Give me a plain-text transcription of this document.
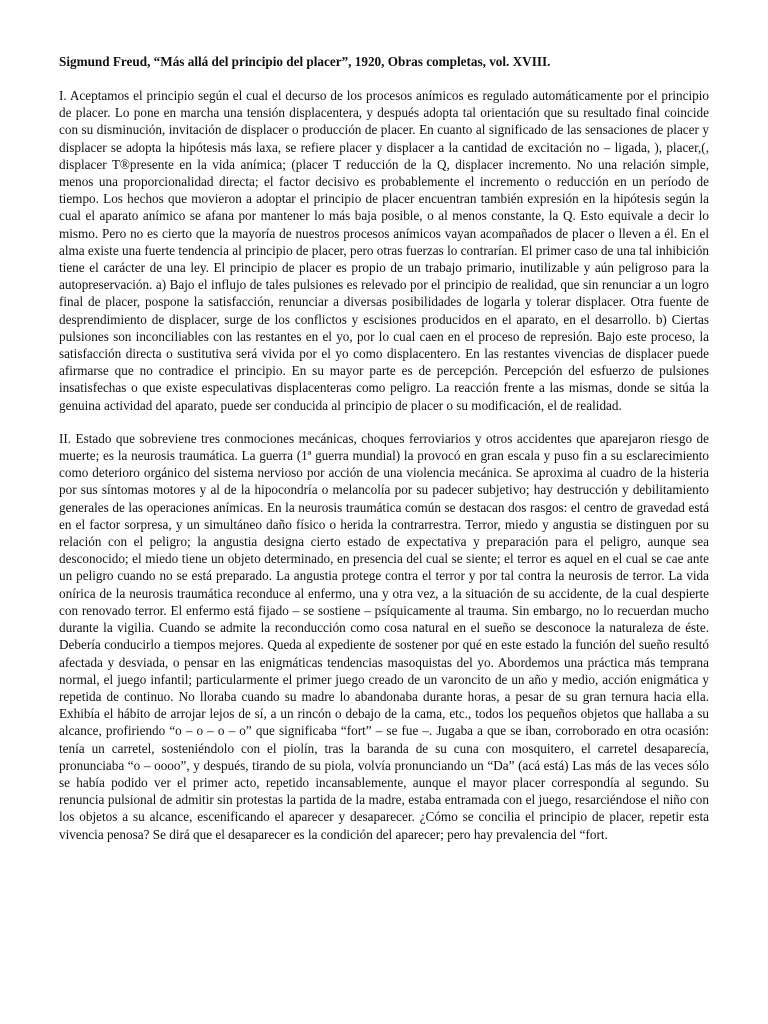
Sigmund Freud, “Más allá del principio del placer”, 1920, Obras completas, vol. XVIII.

I. Aceptamos el principio según el cual el decurso de los procesos anímicos es regulado automáticamente por el principio de placer. Lo pone en marcha una tensión displacentera, y después adopta tal orientación que su resultado final coincide con su disminución, invitación de displacer o producción de placer. En cuanto al significado de las sensaciones de placer y displacer se adopta la hipótesis más laxa, se refiere placer y displacer a la cantidad de excitación no – ligada, ), placer,(, displacer T®presente en la vida anímica; (placer T reducción de la Q, displacer incremento. No una relación simple, menos una proporcionalidad directa; el factor decisivo es probablemente el incremento o reducción en un período de tiempo. Los hechos que movieron a adoptar el principio de placer encuentran también expresión en la hipótesis según la cual el aparato anímico se afana por mantener lo más baja posible, o al menos constante, la Q. Esto equivale a decir lo mismo. Pero no es cierto que la mayoría de nuestros procesos anímicos vayan acompañados de placer o lleven a él. En el alma existe una fuerte tendencia al principio de placer, pero otras fuerzas lo contrarían. El primer caso de una tal inhibición tiene el carácter de una ley. El principio de placer es propio de un trabajo primario, inutilizable y aún peligroso para la autopreservación. a) Bajo el influjo de tales pulsiones es relevado por el principio de realidad, que sin renunciar a un logro final de placer, pospone la satisfacción, renunciar a diversas posibilidades de logarla y tolerar displacer. Otra fuente de desprendimiento de displacer, surge de los conflictos y escisiones producidos en el aparato, en el desarrollo. b) Ciertas pulsiones son inconciliables con las restantes en el yo, por lo cual caen en el proceso de represión. Bajo este proceso, la satisfacción directa o sustitutiva será vivida por el yo como displacentero. En las restantes vivencias de displacer puede afirmarse que no contradice el principio. En su mayor parte es de percepción. Percepción del esfuerzo de pulsiones insatisfechas o que existe especulativas displacenteras como peligro. La reacción frente a las mismas, donde se sitúa la genuina actividad del aparato, puede ser conducida al principio de placer o su modificación, el de realidad.

II. Estado que sobreviene tres conmociones mecánicas, choques ferroviarios y otros accidentes que aparejaron riesgo de muerte; es la neurosis traumática. La guerra (1ª guerra mundial) la provocó en gran escala y puso fin a su esclarecimiento como deterioro orgánico del sistema nervioso por acción de una violencia mecánica. Se aproxima al cuadro de la histeria por sus síntomas motores y al de la hipocondría o melancolía por su padecer subjetivo; hay destrucción y debilitamiento generales de las operaciones anímicas. En la neurosis traumática común se destacan dos rasgos: el centro de gravedad está en el factor sorpresa, y un simultáneo daño físico o herida la contrarrestra. Terror, miedo y angustia se distinguen por su relación con el peligro; la angustia designa cierto estado de expectativa y preparación para el peligro, aunque sea desconocido; el miedo tiene un objeto determinado, en presencia del cual se siente; el terror es aquel en el cual se cae ante un peligro cuando no se está preparado. La angustia protege contra el terror y por tal contra la neurosis de terror. La vida onírica de la neurosis traumática reconduce al enfermo, una y otra vez, a la situación de su accidente, de la cual despierte con renovado terror. El enfermo está fijado – se sostiene – psíquicamente al trauma. Sin embargo, no lo recuerdan mucho durante la vigilia. Cuando se admite la reconducción como cosa natural en el sueño se desconoce la naturaleza de éste. Debería conducirlo a tiempos mejores. Queda al expediente de sostener por qué en este estado la función del sueño resultó afectada y desviada, o pensar en las enigmáticas tendencias masoquistas del yo. Abordemos una práctica más temprana normal, el juego infantil; particularmente el primer juego creado de un varoncito de un año y medio, acción enigmática y repetida de continuo. No lloraba cuando su madre lo abandonaba durante horas, a pesar de su gran ternura hacia ella. Exhibía el hábito de arrojar lejos de sí, a un rincón o debajo de la cama, etc., todos los pequeños objetos que hallaba a su alcance, profiriendo “o – o – o – o” que significaba “fort” – se fue –. Jugaba a que se iban, corroborado en otra ocasión: tenía un carretel, sosteniéndolo con el piolín, tras la baranda de su cuna con mosquitero, el carretel desaparecía, pronunciaba “o – oooo”, y después, tirando de su piola, volvía pronunciando un “Da” (acá está) Las más de las veces sólo se había podido ver el primer acto, repetido incansablemente, aunque el mayor placer correspondía al segundo. Su renuncia pulsional de admitir sin protestas la partida de la madre, estaba entramada con el juego, resarciéndose el niño con los objetos a su alcance, escenificando el aparecer y desaparecer. ¿Cómo se concilia el principio de placer, repetir esta vivencia penosa? Se dirá que el desaparecer es la condición del aparecer; pero hay prevalencia del “fort.
